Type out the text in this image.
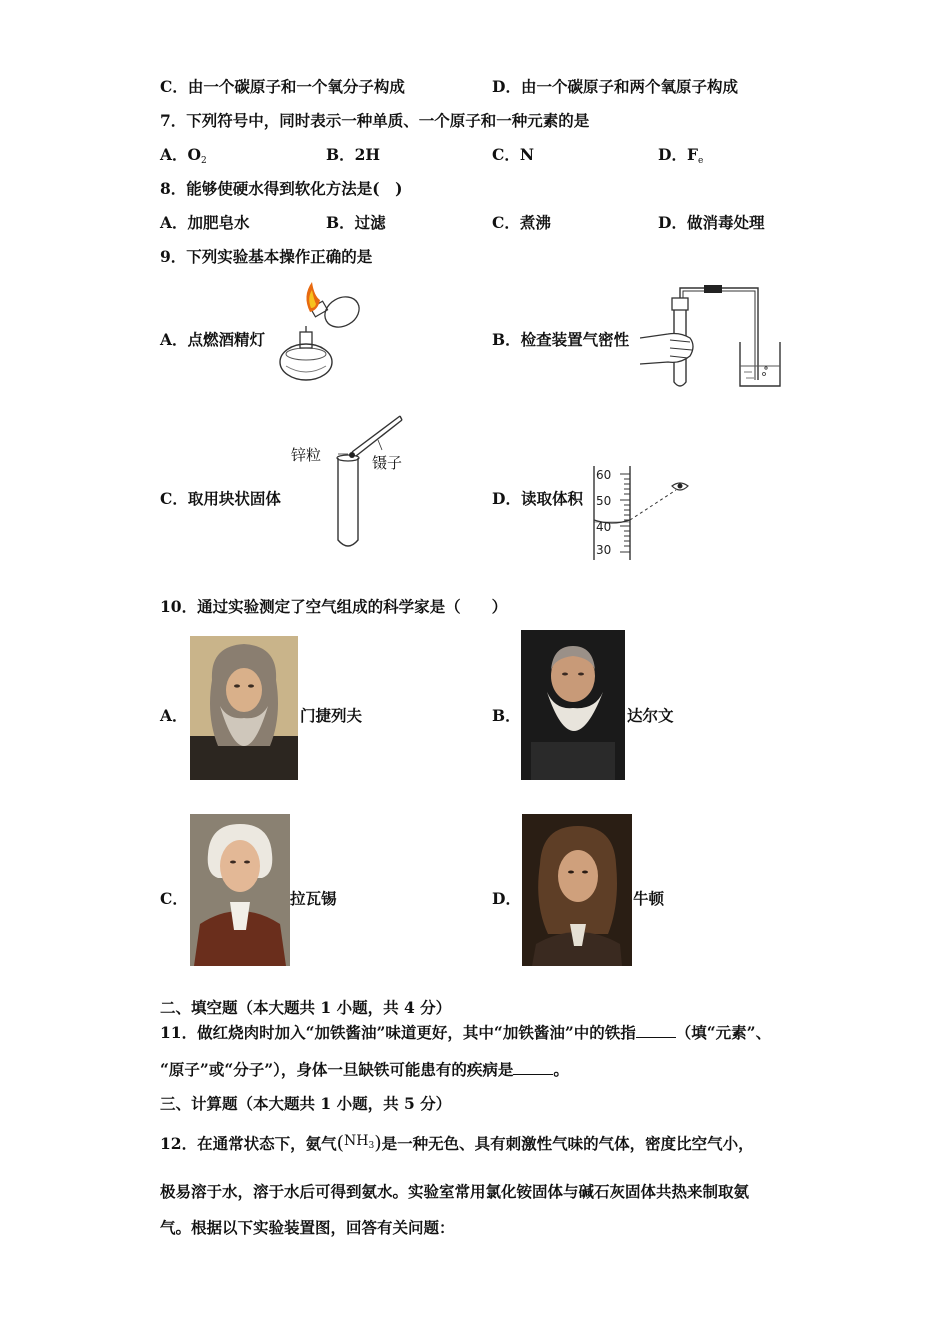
C．由一个碳原子和一个氧分子构成	D．由一个碳原子和两个氧原子构成
7．下列符号中，同时表示一种单质、一个原子和一种元素的是
A．$O_2$	B．2H	C．N	D．$F_e$
8．能够使硬水得到软化方法是(　)
A．加肥皂水	B．过滤	C．煮沸	D．做消毒处理
9．下列实验基本操作正确的是
A．点燃酒精灯	B．检查装置气密性
C．取用块状固体
锌粒	镊子
D．读取体积
60
50
40
30
10．通过实验测定了空气组成的科学家是（　　）
A．	门捷列夫	B．	达尔文
C．	拉瓦锡	D．	牛顿
二、填空题（本大题共 1 小题，共 4 分）
11．做红烧肉时加入“加铁酱油”味道更好，其中“加铁酱油”中的铁指	（填“元素”、
“原子”或“分子”），身体一旦缺铁可能患有的疾病是	。
三、计算题（本大题共 1 小题，共 5 分）
12．在通常状态下，氨气$(NH_3)$是一种无色、具有刺激性气味的气体，密度比空气小，
极易溶于水，溶于水后可得到氨水。实验室常用氯化铵固体与碱石灰固体共热来制取氨
气。根据以下实验装置图，回答有关问题：
